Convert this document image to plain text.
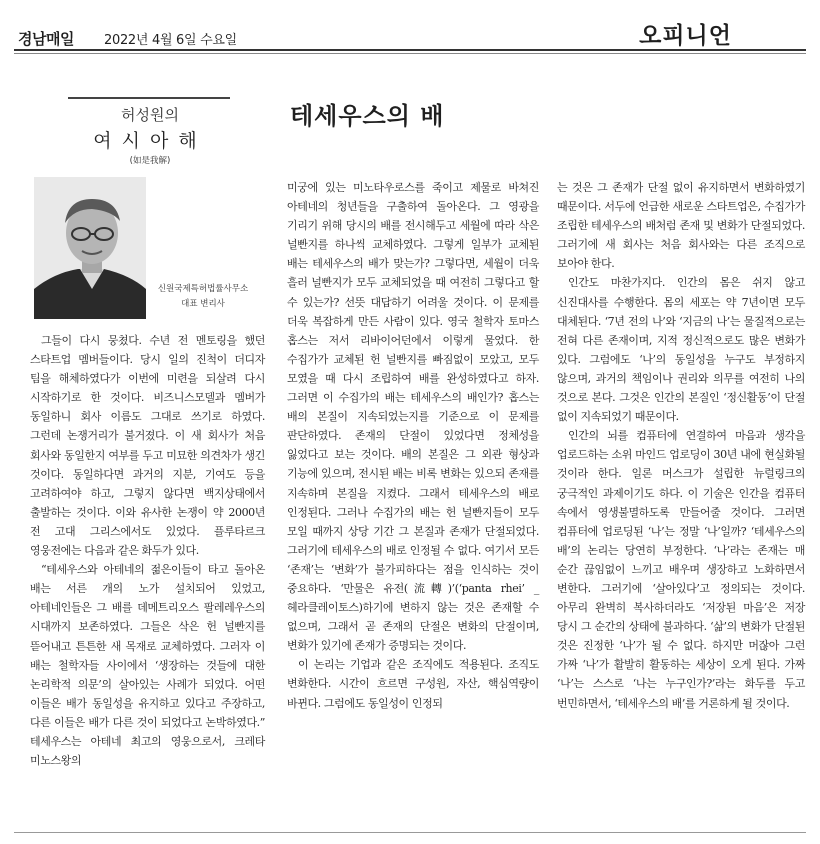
경남매일 2022년 4월 6일 수요일	오피니언
허성원의
여시아해
(如是我解)
신원국제특허법률사무소
대표 변리사
테세우스의 배

그들이 다시 뭉쳤다. 수년 전 멘토링을 했던 스타트업 멤버들이다. 당시 일의 진척이 더디자 팀을 해체하였다가 이번에 미련을 되살려 다시 시작하기로 한 것이다. 비즈니스모델과 멤버가 동일하니 회사 이름도 그대로 쓰기로 하였다. 그런데 논쟁거리가 불거졌다. 이 새 회사가 처음 회사와 동일한지 여부를 두고 미묘한 의견차가 생긴 것이다. 동일하다면 과거의 지분, 기여도 등을 고려하여야 하고, 그렇지 않다면 백지상태에서 출발하는 것이다. 이와 유사한 논쟁이 약 2000년 전 고대 그리스에서도 있었다. 플루타르크 영웅전에는 다음과 같은 화두가 있다.

“테세우스와 아테네의 젊은이들이 타고 돌아온 배는 서른 개의 노가 설치되어 있었고, 아테네인들은 그 배를 데메트리오스 팔레레우스의 시대까지 보존하였다. 그들은 삭은 헌 널빤지를 뜯어내고 튼튼한 새 목재로 교체하였다. 그러자 이 배는 철학자들 사이에서 ‘생장하는 것들에 대한 논리학적 의문’의 살아있는 사례가 되었다. 어떤 이들은 배가 동일성을 유지하고 있다고 주장하고, 다른 이들은 배가 다른 것이 되었다고 논박하였다.” 테세우스는 아테네 최고의 영웅으로서, 크레타 미노스왕의

미궁에 있는 미노타우로스를 죽이고 제물로 바쳐진 아테네의 청년들을 구출하여 돌아온다. 그 영광을 기리기 위해 당시의 배를 전시해두고 세월에 따라 삭은 널빤지를 하나씩 교체하였다. 그렇게 일부가 교체된 배는 테세우스의 배가 맞는가? 그렇다면, 세월이 더욱 흘러 널빤지가 모두 교체되었을 때 여전히 그렇다고 할 수 있는가? 선뜻 대답하기 어려울 것이다. 이 문제를 더욱 복잡하게 만든 사람이 있다. 영국 철학자 토마스 홉스는 저서 리바이어던에서 이렇게 물었다. 한 수집가가 교체된 헌 널빤지를 빠짐없이 모았고, 모두 모였을 때 다시 조립하여 배를 완성하였다고 하자. 그러면 이 수집가의 배는 테세우스의 배인가? 홉스는 배의 본질이 지속되었는지를 기준으로 이 문제를 판단하였다. 존재의 단절이 있었다면 정체성을 잃었다고 보는 것이다. 배의 본질은 그 외관 형상과 기능에 있으며, 전시된 배는 비록 변화는 있으되 존재를 지속하며 본질을 지켰다. 그래서 테세우스의 배로 인정된다. 그러나 수집가의 배는 헌 널빤지들이 모두 모일 때까지 상당 기간 그 본질과 존재가 단절되었다. 그러기에 테세우스의 배로 인정될 수 없다. 여기서 모든 ‘존재’는 ‘변화’가 불가피하다는 점을 인식하는 것이 중요하다. ‘만물은 유전(流轉)’(‘panta rhei’ _ 헤라클레이토스)하기에 변하지 않는 것은 존재할 수 없으며, 그래서 곧 존재의 단절은 변화의 단절이며, 변화가 있기에 존재가 증명되는 것이다.

이 논리는 기업과 같은 조직에도 적용된다. 조직도 변화한다. 시간이 흐르면 구성원, 자산, 핵심역량이 바뀐다. 그럼에도 동일성이 인정되

는 것은 그 존재가 단절 없이 유지하면서 변화하였기 때문이다. 서두에 언급한 새로운 스타트업은, 수집가가 조립한 테세우스의 배처럼 존재 및 변화가 단절되었다. 그러기에 새 회사는 처음 회사와는 다른 조직으로 보아야 한다.

인간도 마찬가지다. 인간의 몸은 쉬지 않고 신진대사를 수행한다. 몸의 세포는 약 7년이면 모두 대체된다. ‘7년 전의 나’와 ‘지금의 나’는 물질적으로는 전혀 다른 존재이며, 지적 정신적으로도 많은 변화가 있다. 그럼에도 ‘나’의 동일성을 누구도 부정하지 않으며, 과거의 책임이나 권리와 의무를 여전히 나의 것으로 본다. 그것은 인간의 본질인 ‘정신활동’이 단절 없이 지속되었기 때문이다.

인간의 뇌를 컴퓨터에 연결하여 마음과 생각을 업로드하는 소위 마인드 업로딩이 30년 내에 현실화될 것이라 한다. 일론 머스크가 설립한 뉴럴링크의 궁극적인 과제이기도 하다. 이 기술은 인간을 컴퓨터 속에서 영생불멸하도록 만들어줄 것이다. 그러면 컴퓨터에 업로딩된 ‘나’는 정말 ‘나’일까? ‘테세우스의 배’의 논리는 당연히 부정한다. ‘나’라는 존재는 매 순간 끊임없이 느끼고 배우며 생장하고 노화하면서 변한다. 그러기에 ‘살아있다’고 정의되는 것이다. 아무리 완벽히 복사하더라도 ‘저장된 마음’은 저장 당시 그 순간의 상태에 불과하다. ‘삶’의 변화가 단절된 것은 진정한 ‘나’가 될 수 없다. 하지만 머잖아 그런 가짜 ‘나’가 활발히 활동하는 세상이 오게 된다. 가짜 ‘나’는 스스로 ‘나는 누구인가?’라는 화두를 두고 번민하면서, ‘테세우스의 배’를 거론하게 될 것이다.
